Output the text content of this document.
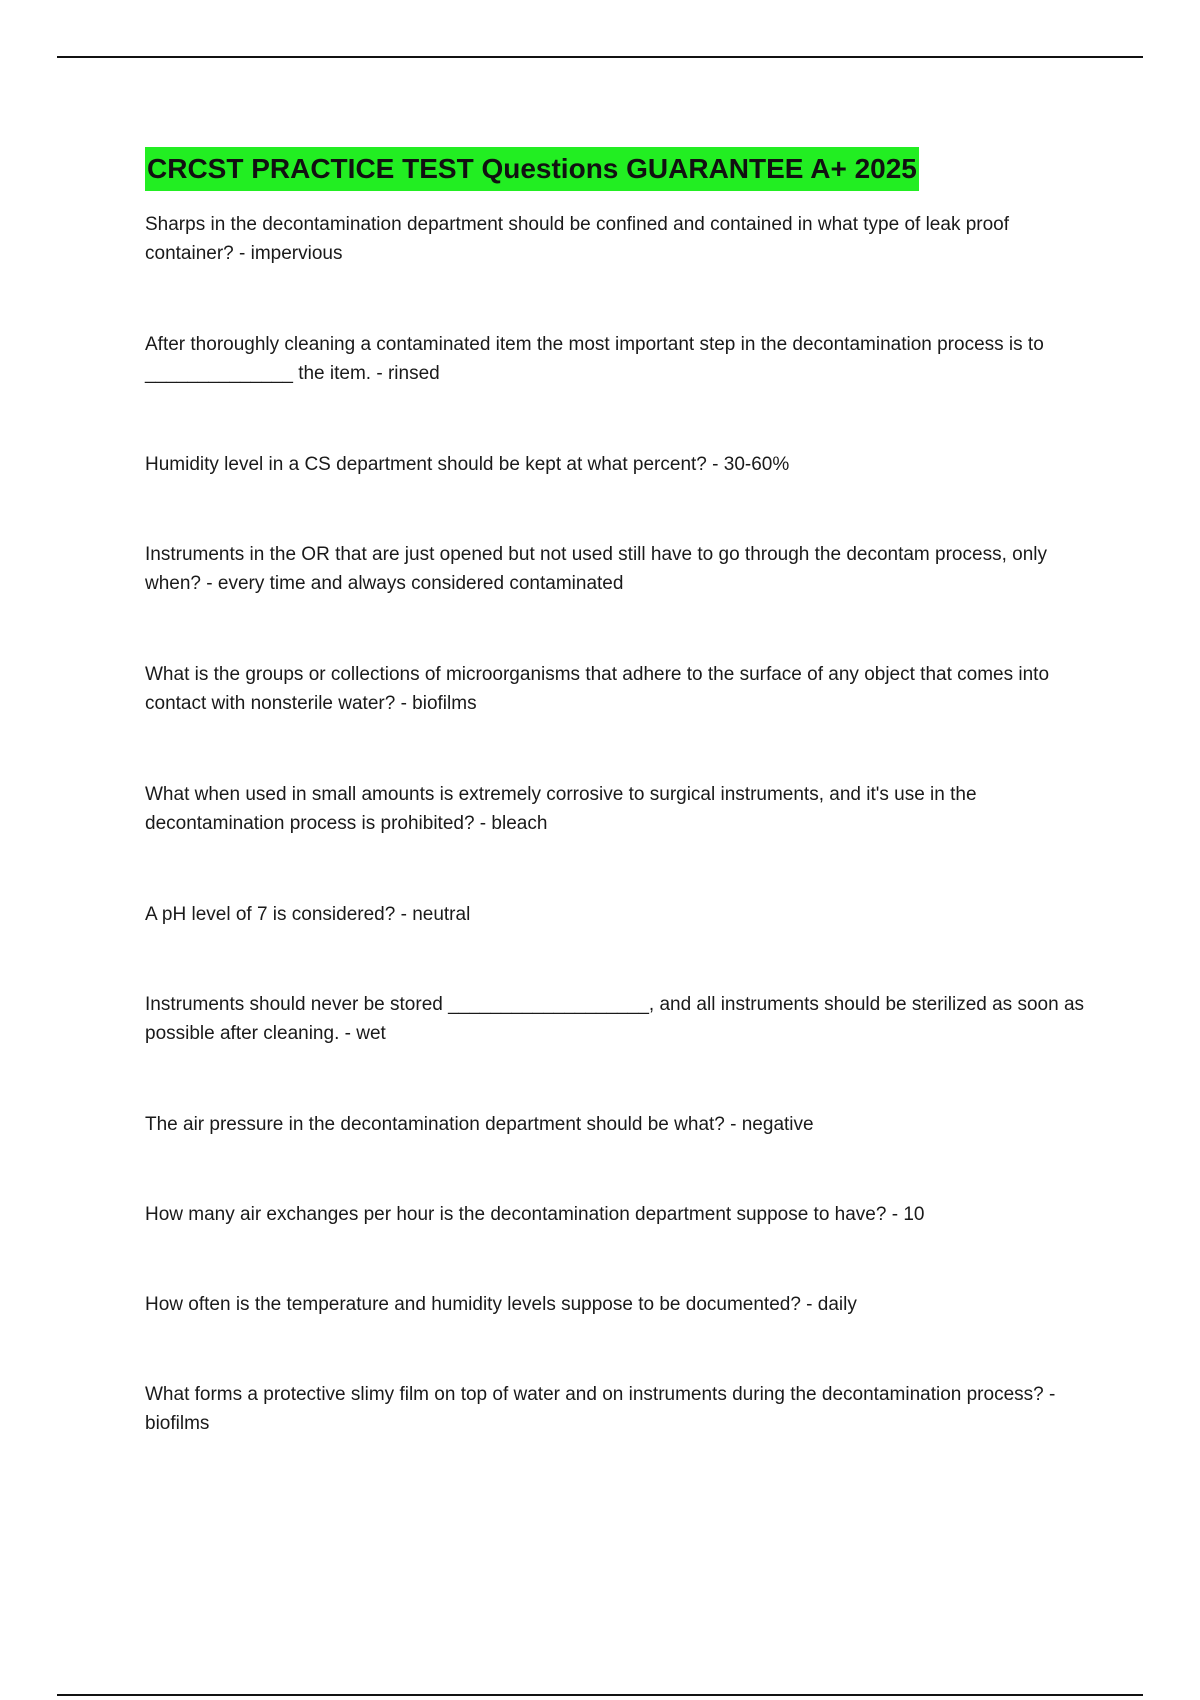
CRCST PRACTICE TEST Questions GUARANTEE A+ 2025
Sharps in the decontamination department should be confined and contained in what type of leak proof container? - impervious
After thoroughly cleaning a contaminated item the most important step in the decontamination process is to ______________ the item. - rinsed
Humidity level in a CS department should be kept at what percent? - 30-60%
Instruments in the OR that are just opened but not used still have to go through the decontam process, only when? - every time and always considered contaminated
What is the groups or collections of microorganisms that adhere to the surface of any object that comes into contact with nonsterile water? - biofilms
What when used in small amounts is extremely corrosive to surgical instruments, and it's use in the decontamination process is prohibited? - bleach
A pH level of 7 is considered? - neutral
Instruments should never be stored ___________________, and all instruments should be sterilized as soon as possible after cleaning. - wet
The air pressure in the decontamination department should be what? - negative
How many air exchanges per hour is the decontamination department suppose to have? - 10
How often is the temperature and humidity levels suppose to be documented? - daily
What forms a protective slimy film on top of water and on instruments during the decontamination process? - biofilms
